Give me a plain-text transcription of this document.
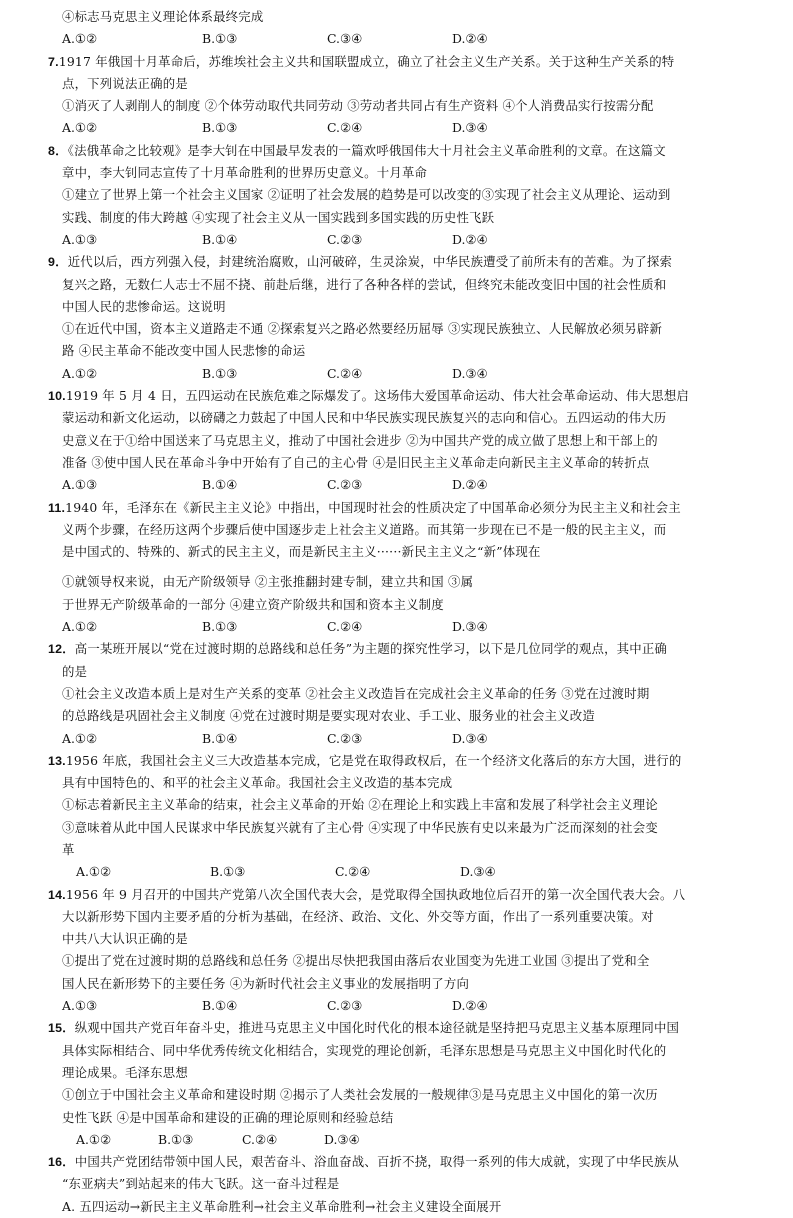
④标志马克思主义理论体系最终完成
A.①②	B.①③	C.③④	D.②④
7.1917 年俄国十月革命后，苏维埃社会主义共和国联盟成立，确立了社会主义生产关系。关于这种生产关系的特
点，下列说法正确的是
①消灭了人剥削人的制度 ②个体劳动取代共同劳动 ③劳动者共同占有生产资料 ④个人消费品实行按需分配
A.①②	B.①③	C.②④	D.③④
8．《法俄革命之比较观》是李大钊在中国最早发表的一篇欢呼俄国伟大十月社会主义革命胜利的文章。在这篇文
章中，李大钊同志宣传了十月革命胜利的世界历史意义。十月革命
①建立了世界上第一个社会主义国家 ②证明了社会发展的趋势是可以改变的③实现了社会主义从理论、运动到
实践、制度的伟大跨越 ④实现了社会主义从一国实践到多国实践的历史性飞跃
A.①③	B.①④	C.②③	D.②④
9．近代以后，西方列强入侵，封建统治腐败，山河破碎，生灵涂炭，中华民族遭受了前所未有的苦难。为了探索
复兴之路，无数仁人志士不屈不挠、前赴后继，进行了各种各样的尝试，但终究未能改变旧中国的社会性质和
中国人民的悲惨命运。这说明
①在近代中国，资本主义道路走不通 ②探索复兴之路必然要经历屈辱 ③实现民族独立、人民解放必须另辟新
路 ④民主革命不能改变中国人民悲惨的命运
A.①②	B.①③	C.②④	D.③④
10.1919 年 5 月 4 日，五四运动在民族危难之际爆发了。这场伟大爱国革命运动、伟大社会革命运动、伟大思想启
蒙运动和新文化运动，以磅礴之力鼓起了中国人民和中华民族实现民族复兴的志向和信心。五四运动的伟大历
史意义在于①给中国送来了马克思主义，推动了中国社会进步 ②为中国共产党的成立做了思想上和干部上的
准备 ③使中国人民在革命斗争中开始有了自己的主心骨 ④是旧民主主义革命走向新民主主义革命的转折点
A.①③	B.①④	C.②③	D.②④
11.1940 年，毛泽东在《新民主主义论》中指出，中国现时社会的性质决定了中国革命必须分为民主主义和社会主
义两个步骤，在经历这两个步骤后使中国逐步走上社会主义道路。而其第一步现在已不是一般的民主主义，而
是中国式的、特殊的、新式的民主主义，而是新民主主义······新民主主义之“新”体现在
①就领导权来说，由无产阶级领导 ②主张推翻封建专制，建立共和国 ③属
于世界无产阶级革命的一部分 ④建立资产阶级共和国和资本主义制度
A.①②	B.①③	C.②④	D.③④
12．高一某班开展以“党在过渡时期的总路线和总任务”为主题的探究性学习，以下是几位同学的观点，其中正确
的是
①社会主义改造本质上是对生产关系的变革 ②社会主义改造旨在完成社会主义革命的任务 ③党在过渡时期
的总路线是巩固社会主义制度 ④党在过渡时期是要实现对农业、手工业、服务业的社会主义改造
A.①②	B.①④	C.②③	D.③④
13.1956 年底，我国社会主义三大改造基本完成，它是党在取得政权后，在一个经济文化落后的东方大国，进行的
具有中国特色的、和平的社会主义革命。我国社会主义改造的基本完成
①标志着新民主主义革命的结束，社会主义革命的开始 ②在理论上和实践上丰富和发展了科学社会主义理论
③意味着从此中国人民谋求中华民族复兴就有了主心骨 ④实现了中华民族有史以来最为广泛而深刻的社会变
革
A.①②	B.①③	C.②④	D.③④
14.1956 年 9 月召开的中国共产党第八次全国代表大会，是党取得全国执政地位后召开的第一次全国代表大会。八
大以新形势下国内主要矛盾的分析为基础，在经济、政治、文化、外交等方面，作出了一系列重要决策。对
中共八大认识正确的是
①提出了党在过渡时期的总路线和总任务 ②提出尽快把我国由落后农业国变为先进工业国 ③提出了党和全
国人民在新形势下的主要任务 ④为新时代社会主义事业的发展指明了方向
A.①③	B.①④	C.②③	D.②④
15．纵观中国共产党百年奋斗史，推进马克思主义中国化时代化的根本途径就是坚持把马克思主义基本原理同中国
具体实际相结合、同中华优秀传统文化相结合，实现党的理论创新，毛泽东思想是马克思主义中国化时代化的
理论成果。毛泽东思想
①创立于中国社会主义革命和建设时期 ②揭示了人类社会发展的一般规律③是马克思主义中国化的第一次历
史性飞跃 ④是中国革命和建设的正确的理论原则和经验总结
A.①②	B.①③	C.②④	D.③④
16．中国共产党团结带领中国人民，艰苦奋斗、浴血奋战、百折不挠，取得一系列的伟大成就，实现了中华民族从
“东亚病夫”到站起来的伟大飞跃。这一奋斗过程是
A. 五四运动→新民主主义革命胜利→社会主义革命胜利→社会主义建设全面展开
